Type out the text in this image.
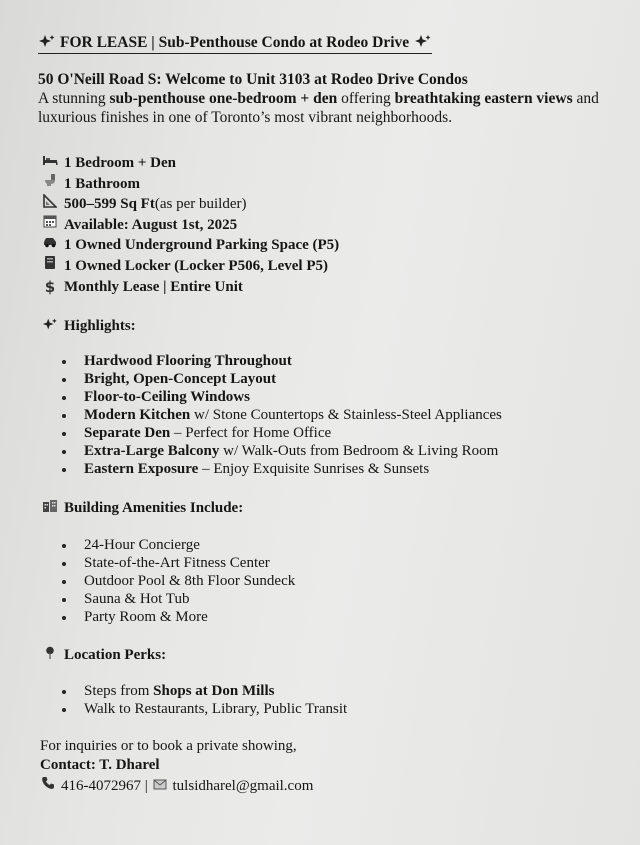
FOR LEASE | Sub-Penthouse Condo at Rodeo Drive
50 O'Neill Road S: Welcome to Unit 3103 at Rodeo Drive Condos
A stunning sub-penthouse one-bedroom + den offering breathtaking eastern views and luxurious finishes in one of Toronto’s most vibrant neighborhoods.
1 Bedroom + Den
1 Bathroom
500–599 Sq Ft (as per builder)
Available: August 1st, 2025
1 Owned Underground Parking Space (P5)
1 Owned Locker (Locker P506, Level P5)
$ Monthly Lease | Entire Unit
Highlights:
Hardwood Flooring Throughout
Bright, Open-Concept Layout
Floor-to-Ceiling Windows
Modern Kitchen w/ Stone Countertops & Stainless-Steel Appliances
Separate Den – Perfect for Home Office
Extra-Large Balcony w/ Walk-Outs from Bedroom & Living Room
Eastern Exposure – Enjoy Exquisite Sunrises & Sunsets
Building Amenities Include:
24-Hour Concierge
State-of-the-Art Fitness Center
Outdoor Pool & 8th Floor Sundeck
Sauna & Hot Tub
Party Room & More
Location Perks:
Steps from Shops at Don Mills
Walk to Restaurants, Library, Public Transit
For inquiries or to book a private showing,
Contact: T. Dharel
416-4072967 | tulsidharel@gmail.com
